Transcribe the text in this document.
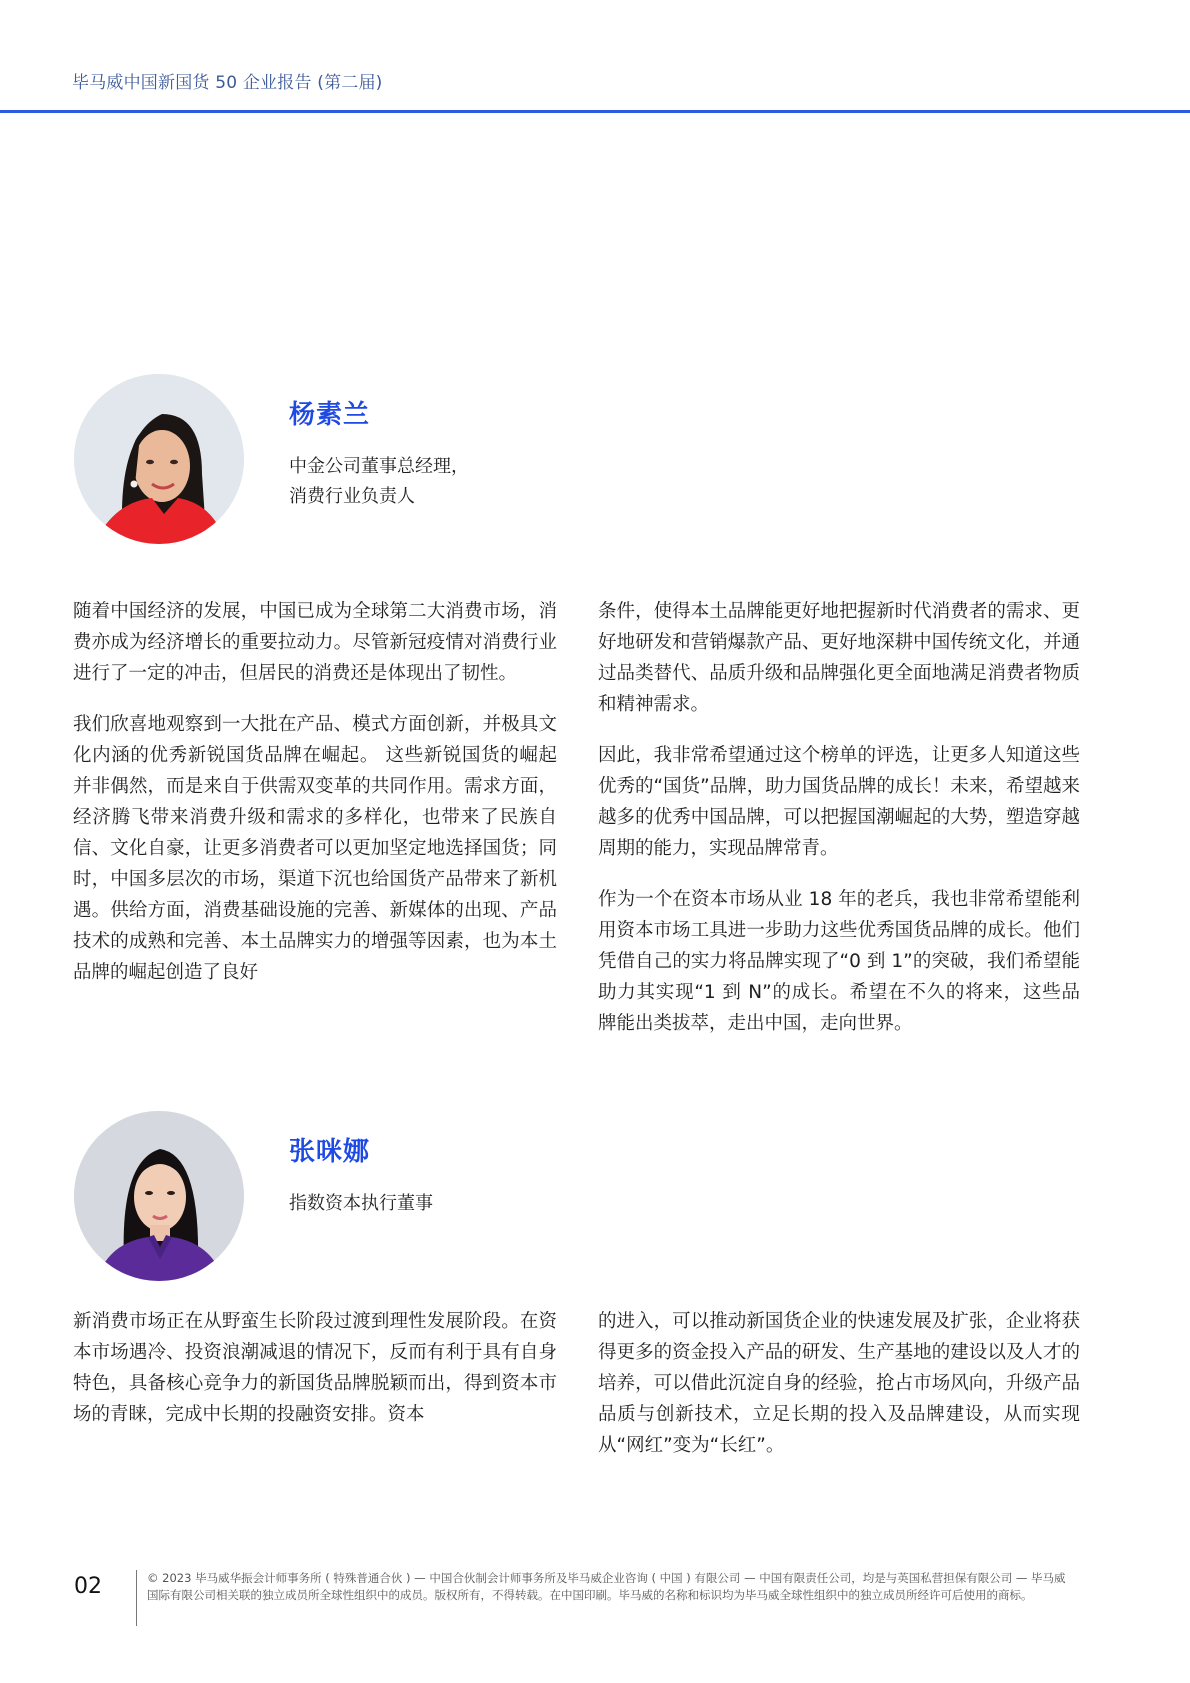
毕马威中国新国货 50 企业报告 (第二届)
杨素兰
中金公司董事总经理，
消费行业负责人

随着中国经济的发展，中国已成为全球第二大消费市场，消费亦成为经济增长的重要拉动力。尽管新冠疫情对消费行业进行了一定的冲击，但居民的消费还是体现出了韧性。

我们欣喜地观察到一大批在产品、模式方面创新，并极具文化内涵的优秀新锐国货品牌在崛起。 这些新锐国货的崛起并非偶然，而是来自于供需双变革的共同作用。需求方面，经济腾飞带来消费升级和需求的多样化，也带来了民族自信、文化自豪，让更多消费者可以更加坚定地选择国货；同时，中国多层次的市场，渠道下沉也给国货产品带来了新机遇。供给方面，消费基础设施的完善、新媒体的出现、产品技术的成熟和完善、本土品牌实力的增强等因素，也为本土品牌的崛起创造了良好

条件，使得本土品牌能更好地把握新时代消费者的需求、更好地研发和营销爆款产品、更好地深耕中国传统文化，并通过品类替代、品质升级和品牌强化更全面地满足消费者物质和精神需求。

因此，我非常希望通过这个榜单的评选，让更多人知道这些优秀的“国货”品牌，助力国货品牌的成长！未来，希望越来越多的优秀中国品牌，可以把握国潮崛起的大势，塑造穿越周期的能力，实现品牌常青。

作为一个在资本市场从业 18 年的老兵，我也非常希望能利用资本市场工具进一步助力这些优秀国货品牌的成长。他们凭借自己的实力将品牌实现了“0 到 1”的突破，我们希望能助力其实现“1 到 N”的成长。希望在不久的将来，这些品牌能出类拔萃，走出中国，走向世界。

张咪娜
指数资本执行董事

新消费市场正在从野蛮生长阶段过渡到理性发展阶段。在资本市场遇冷、投资浪潮减退的情况下，反而有利于具有自身特色，具备核心竞争力的新国货品牌脱颖而出，得到资本市场的青睐，完成中长期的投融资安排。资本

的进入，可以推动新国货企业的快速发展及扩张，企业将获得更多的资金投入产品的研发、生产基地的建设以及人才的培养，可以借此沉淀自身的经验，抢占市场风向，升级产品品质与创新技术，立足长期的投入及品牌建设，从而实现从“网红”变为“长红”。

02	© 2023 毕马威华振会计师事务所 ( 特殊普通合伙 ) — 中国合伙制会计师事务所及毕马威企业咨询 ( 中国 ) 有限公司 — 中国有限责任公司，均是与英国私营担保有限公司 — 毕马威国际有限公司相关联的独立成员所全球性组织中的成员。版权所有，不得转载。在中国印刷。毕马威的名称和标识均为毕马威全球性组织中的独立成员所经许可后使用的商标。
